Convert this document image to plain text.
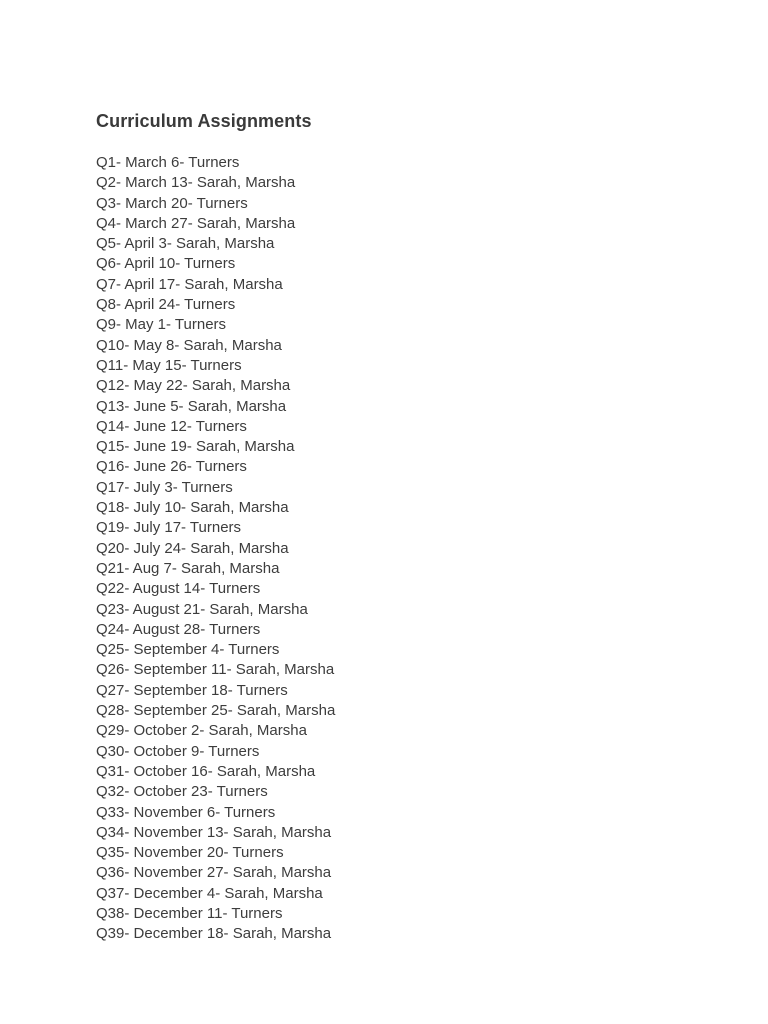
Curriculum Assignments
Q1- March 6- Turners
Q2- March 13- Sarah, Marsha
Q3- March 20- Turners
Q4- March 27- Sarah, Marsha
Q5- April 3- Sarah, Marsha
Q6- April 10- Turners
Q7- April 17- Sarah, Marsha
Q8- April 24- Turners
Q9- May 1- Turners
Q10- May 8- Sarah, Marsha
Q11- May 15- Turners
Q12- May 22- Sarah, Marsha
Q13- June 5- Sarah, Marsha
Q14- June 12- Turners
Q15- June 19- Sarah, Marsha
Q16- June 26- Turners
Q17- July 3- Turners
Q18- July 10- Sarah, Marsha
Q19- July 17- Turners
Q20- July 24- Sarah, Marsha
Q21- Aug 7- Sarah, Marsha
Q22- August 14- Turners
Q23- August 21- Sarah, Marsha
Q24- August 28- Turners
Q25- September 4- Turners
Q26- September 11- Sarah, Marsha
Q27- September 18- Turners
Q28- September 25- Sarah, Marsha
Q29- October 2- Sarah, Marsha
Q30- October 9- Turners
Q31- October 16- Sarah, Marsha
Q32- October 23- Turners
Q33- November 6- Turners
Q34- November 13- Sarah, Marsha
Q35- November 20- Turners
Q36- November 27- Sarah, Marsha
Q37- December 4- Sarah, Marsha
Q38- December 11- Turners
Q39- December 18- Sarah, Marsha
